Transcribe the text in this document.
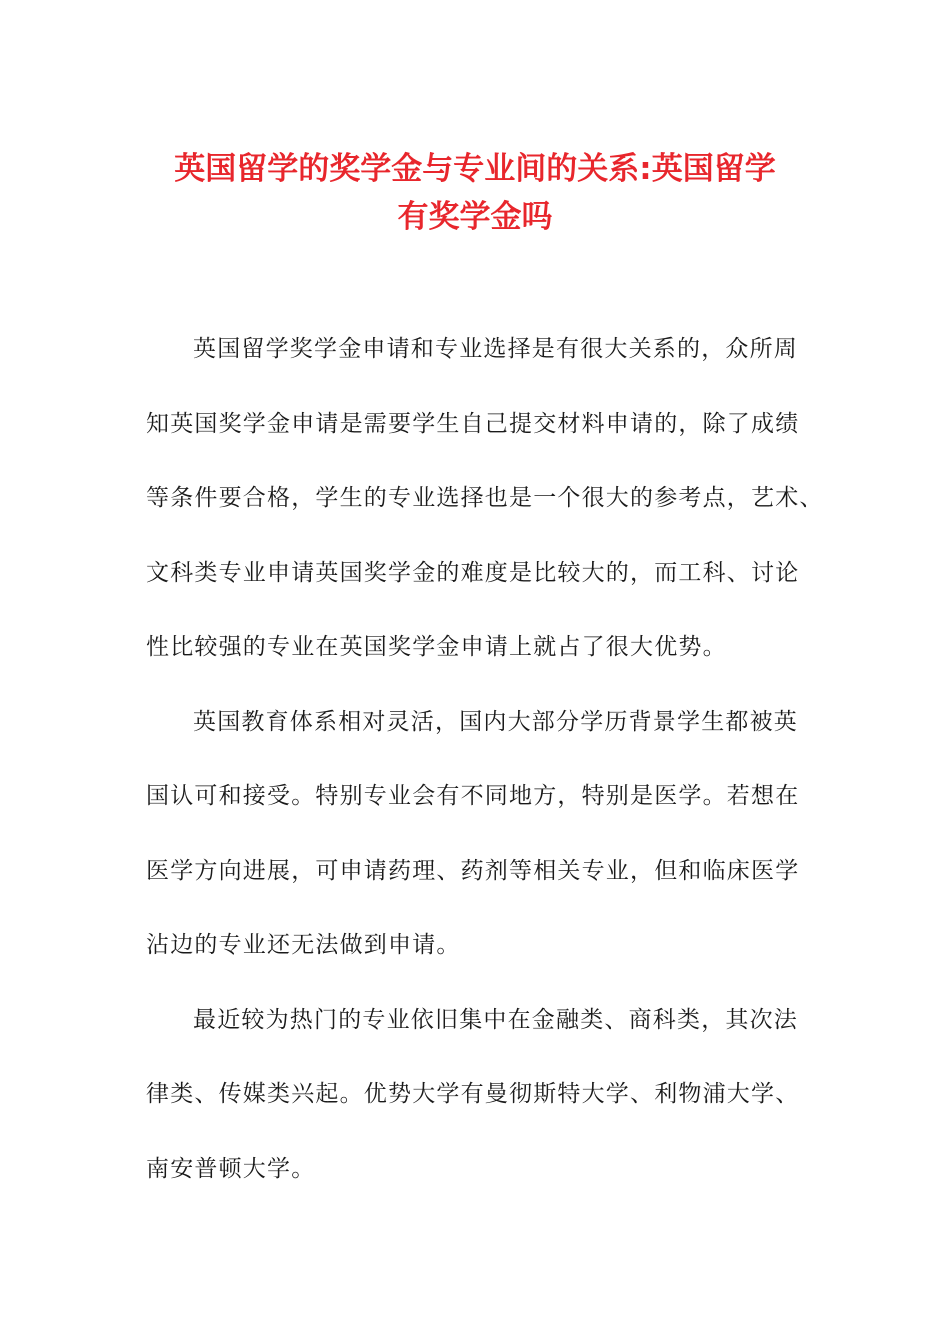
英国留学的奖学金与专业间的关系:英国留学
有奖学金吗
英国留学奖学金申请和专业选择是有很大关系的，众所周
知英国奖学金申请是需要学生自己提交材料申请的，除了成绩
等条件要合格，学生的专业选择也是一个很大的参考点，艺术、
文科类专业申请英国奖学金的难度是比较大的，而工科、讨论
性比较强的专业在英国奖学金申请上就占了很大优势。
英国教育体系相对灵活，国内大部分学历背景学生都被英
国认可和接受。特别专业会有不同地方，特别是医学。若想在
医学方向进展，可申请药理、药剂等相关专业，但和临床医学
沾边的专业还无法做到申请。
最近较为热门的专业依旧集中在金融类、商科类，其次法
律类、传媒类兴起。优势大学有曼彻斯特大学、利物浦大学、
南安普顿大学。
